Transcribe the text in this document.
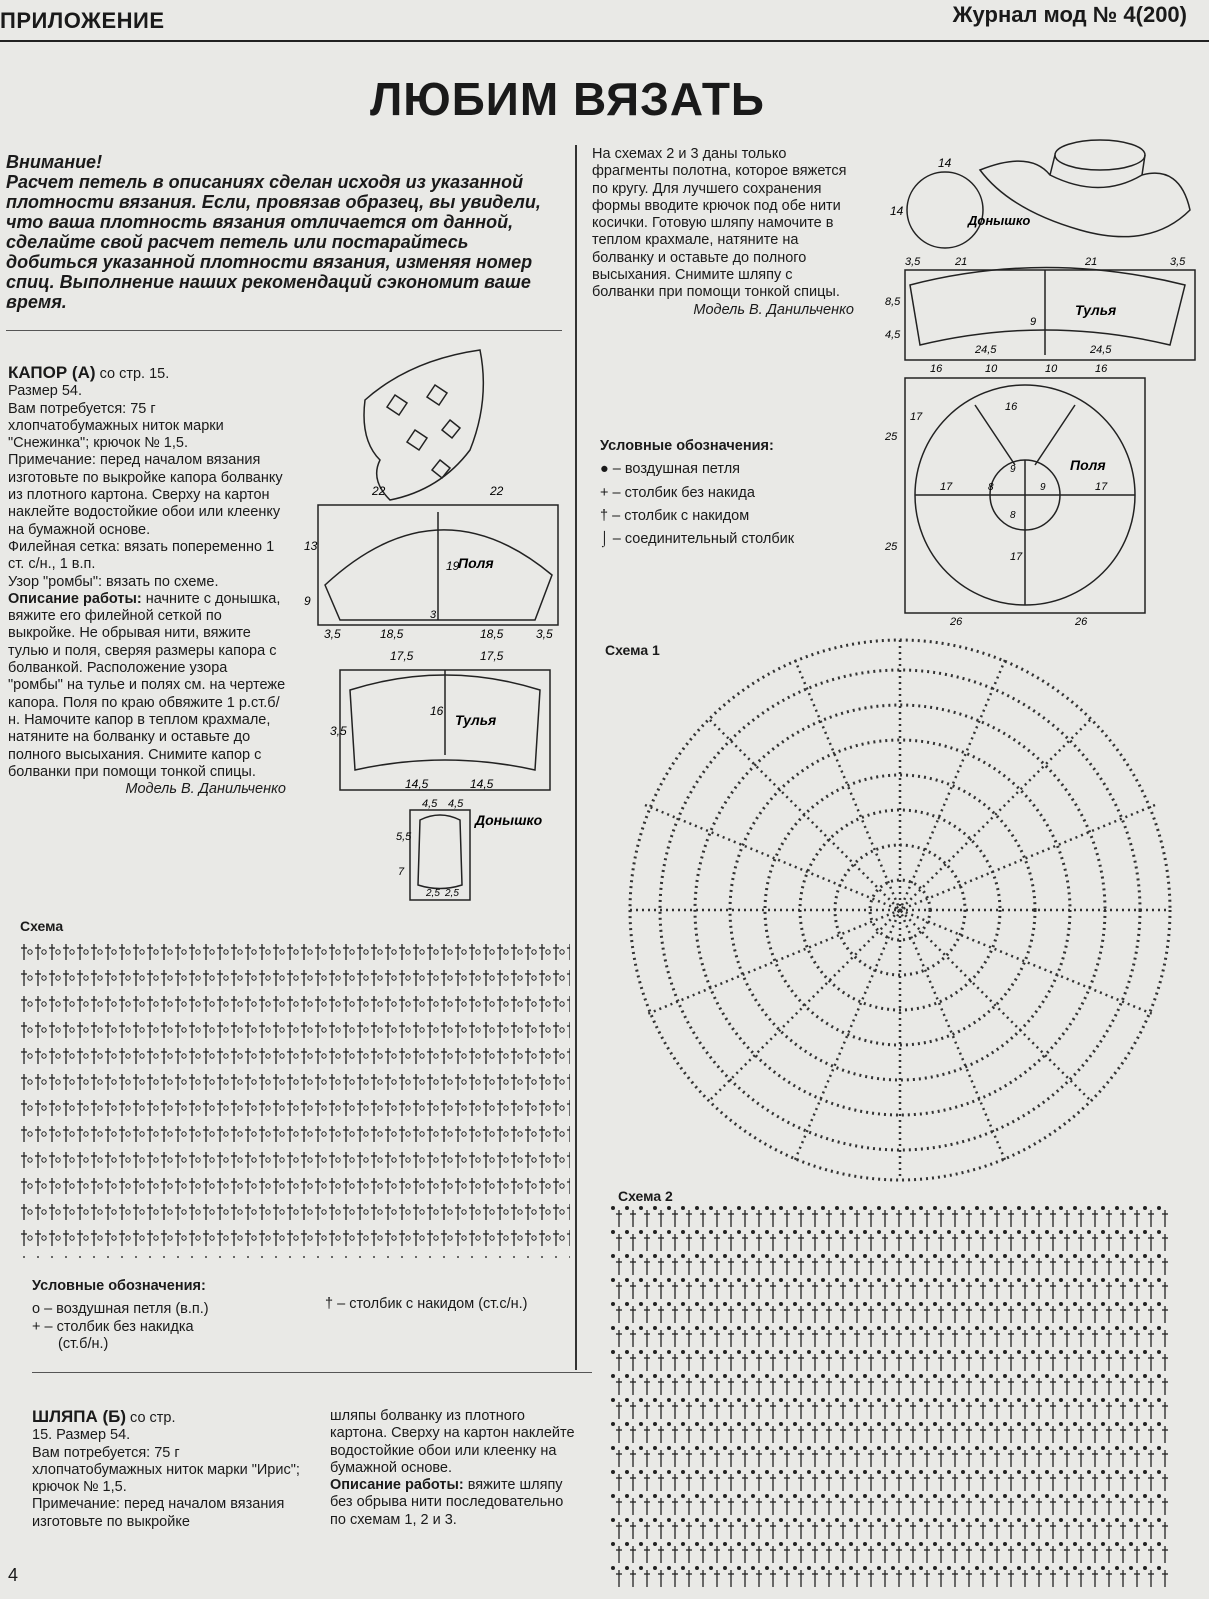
ПРИЛОЖЕНИЕ	Журнал мод № 4(200)
ЛЮБИМ ВЯЗАТЬ

Внимание!

Расчет петель в описаниях сделан исходя из указанной плотности вязания. Если, провязав образец, вы увидели, что ваша плотность вязания отличается от данной, сделайте свой расчет петель или постарайтесь добиться указанной плотности вязания, изменяя номер спиц. Выполнение наших рекомендаций сэкономит ваше время.

КАПОР (А) со стр. 15.

Размер 54.

Вам потребуется: 75 г хлопчатобумажных ниток марки "Снежинка"; крючок № 1,5.

Примечание: перед началом вязания изготовьте по выкройке капора болванку из плотного картона. Сверху на картон наклейте водостойкие обои или клеенку на бумажной основе.

Филейная сетка: вязать попеременно 1 ст. с/н., 1 в.п.

Узор "ромбы": вязать по схеме.

Описание работы: начните с донышка, вяжите его филейной сеткой по выкройке. Не обрывая нити, вяжите тулью и поля, сверяя размеры капора с болванкой. Расположение узора "ромбы" на тулье и полях см. на чертеже капора. Поля по краю обвяжите 1 р.ст.б/н. Намочите капор в теплом крахмале, натяните на болванку и оставьте до полного высыхания. Снимите капор с болванки при помощи тонкой спицы.

Модель В. Данильченко

22	22
13
19
9
3
Поля
3,5	18,5	18,5	3,5
17,5	17,5
16
Тулья
3,5
14,5	14,5
4,5 4,5
5,5
7
2,5 2,5
Донышко
Схема

Условные обозначения:

о – воздушная петля (в.п.)

+ – столбик без накидка

(ст.б/н.)

† – столбик с накидом (ст.с/н.)

ШЛЯПА (Б) со стр.

15. Размер 54.

Вам потребуется: 75 г хлопчатобумажных ниток марки "Ирис"; крючок № 1,5.

Примечание: перед началом вязания изготовьте по выкройке

шляпы болванку из плотного картона. Сверху на картон наклейте водостойкие обои или клеенку на бумажной основе.

Описание работы: вяжите шляпу без обрыва нити последовательно по схемам 1, 2 и 3.

4

На схемах 2 и 3 даны только фрагменты полотна, которое вяжется по кругу. Для лучшего сохранения формы вводите крючок под обе нити косички. Готовую шляпу намочите в теплом крахмале, натяните на болванку и оставьте до полного высыхания. Снимите шляпу с болванки при помощи тонкой спицы.

Модель В. Данильченко

Условные обозначения:

● – воздушная петля

+ – столбик без накида

† – столбик с накидом

⌡ – соединительный столбик

14
14
Донышко
3,5	21	21	3,5
8,5
9
4,5
Тулья
24,5	24,5
16	10	10	16
16
25
25
Поля
17	17
8	9
9
8
17
17
26	26
Схема 1
Схема 2
